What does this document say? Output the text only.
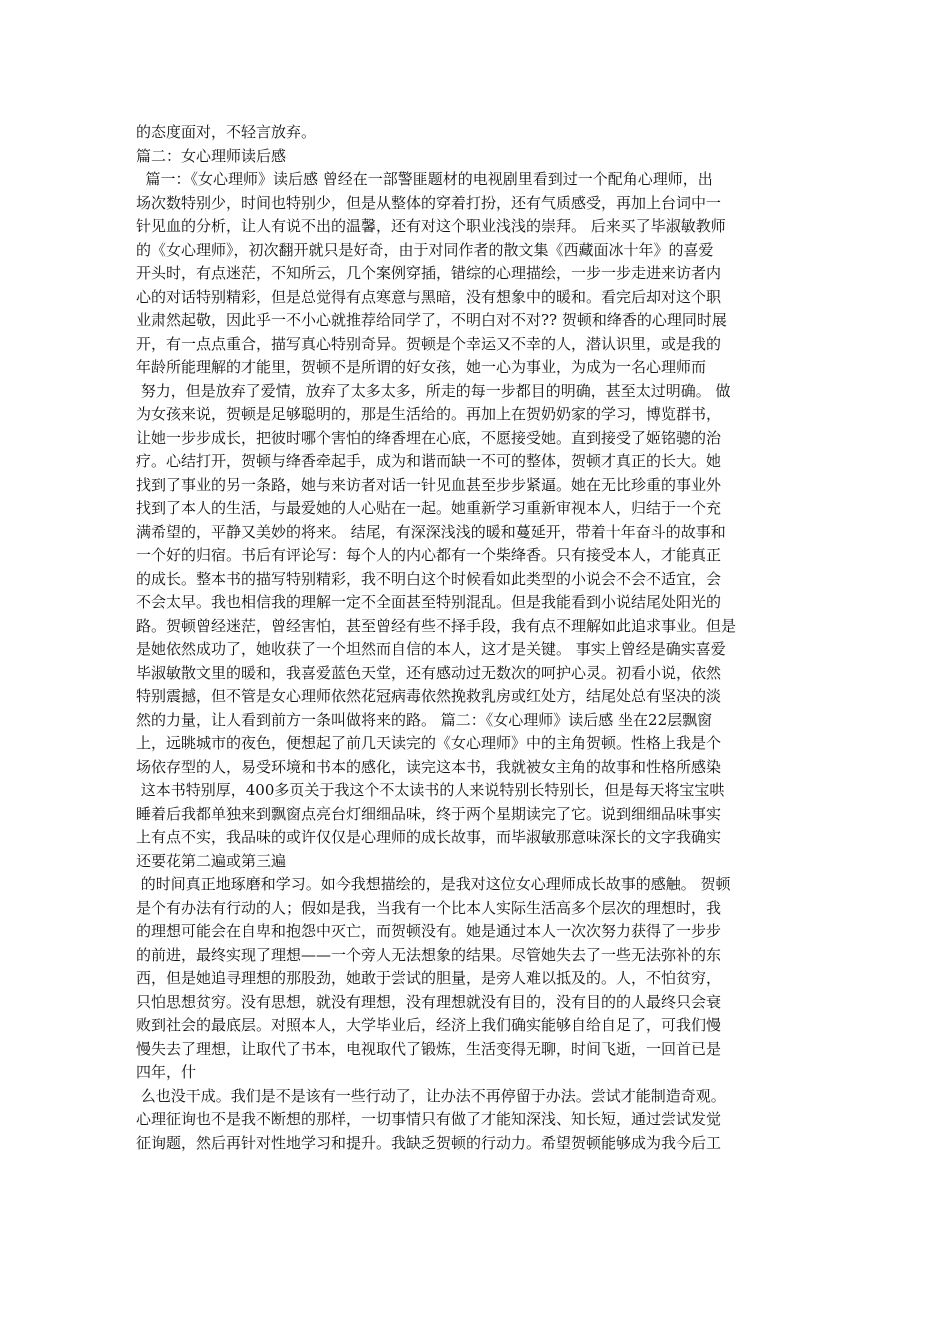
的态度面对，不轻言放弃。
篇二：女心理师读后感
篇一：《女心理师》读后感 曾经在一部警匪题材的电视剧里看到过一个配角心理师，出
场次数特别少，时间也特别少，但是从整体的穿着打扮，还有气质感受，再加上台词中一
针见血的分析，让人有说不出的温馨，还有对这个职业浅浅的崇拜。 后来买了毕淑敏教师
的《女心理师》，初次翻开就只是好奇，由于对同作者的散文集《西藏面冰十年》的喜爱
开头时，有点迷茫，不知所云，几个案例穿插，错综的心理描绘，一步一步走进来访者内
心的对话特别精彩，但是总觉得有点寒意与黑暗，没有想象中的暖和。看完后却对这个职
业肃然起敬，因此乎一不小心就推荐给同学了，不明白对不对?? 贺顿和绛香的心理同时展
开，有一点点重合，描写真心特别奇异。贺顿是个幸运又不幸的人，潜认识里，或是我的
年龄所能理解的才能里，贺顿不是所谓的好女孩，她一心为事业，为成为一名心理师而
努力，但是放弃了爱情，放弃了太多太多，所走的每一步都目的明确，甚至太过明确。 做
为女孩来说，贺顿是足够聪明的，那是生活给的。再加上在贺奶奶家的学习，博览群书，
让她一步步成长，把彼时哪个害怕的绛香埋在心底，不愿接受她。直到接受了姬铭骢的治
疗。心结打开，贺顿与绛香牵起手，成为和谐而缺一不可的整体，贺顿才真正的长大。她
找到了事业的另一条路，她与来访者对话一针见血甚至步步紧逼。她在无比珍重的事业外
找到了本人的生活，与最爱她的人心贴在一起。她重新学习重新审视本人，归结于一个充
满希望的，平静又美妙的将来。 结尾，有深深浅浅的暖和蔓延开，带着十年奋斗的故事和
一个好的归宿。书后有评论写：每个人的内心都有一个柴绛香。只有接受本人，才能真正
的成长。整本书的描写特别精彩，我不明白这个时候看如此类型的小说会不会不适宜，会
不会太早。我也相信我的理解一定不全面甚至特别混乱。但是我能看到小说结尾处阳光的
路。贺顿曾经迷茫，曾经害怕，甚至曾经有些不择手段，我有点不理解如此追求事业。但是
是她依然成功了，她收获了一个坦然而自信的本人，这才是关键。 事实上曾经是确实喜爱
毕淑敏散文里的暖和，我喜爱蓝色天堂，还有感动过无数次的呵护心灵。初看小说，依然
特别震撼，但不管是女心理师依然花冠病毒依然挽救乳房或红处方，结尾处总有坚决的淡
然的力量，让人看到前方一条叫做将来的路。 篇二：《女心理师》读后感 坐在22层飘窗
上，远眺城市的夜色，便想起了前几天读完的《女心理师》中的主角贺顿。性格上我是个
场依存型的人，易受环境和书本的感化，读完这本书，我就被女主角的故事和性格所感染
这本书特别厚，400多页关于我这个不太读书的人来说特别长特别长，但是每天将宝宝哄
睡着后我都单独来到飘窗点亮台灯细细品味，终于两个星期读完了它。说到细细品味事实
上有点不实，我品味的或许仅仅是心理师的成长故事，而毕淑敏那意味深长的文字我确实
还要花第二遍或第三遍
的时间真正地琢磨和学习。如今我想描绘的，是我对这位女心理师成长故事的感触。 贺顿
是个有办法有行动的人；假如是我，当我有一个比本人实际生活高多个层次的理想时，我
的理想可能会在自卑和抱怨中灭亡，而贺顿没有。她是通过本人一次次努力获得了一步步
的前进，最终实现了理想——一个旁人无法想象的结果。尽管她失去了一些无法弥补的东
西，但是她追寻理想的那股劲，她敢于尝试的胆量，是旁人难以抵及的。人，不怕贫穷，
只怕思想贫穷。没有思想，就没有理想，没有理想就没有目的，没有目的的人最终只会衰
败到社会的最底层。对照本人，大学毕业后，经济上我们确实能够自给自足了，可我们慢
慢失去了理想，让取代了书本，电视取代了锻炼，生活变得无聊，时间飞逝，一回首已是
四年，什
么也没干成。我们是不是该有一些行动了，让办法不再停留于办法。尝试才能制造奇观。
心理征询也不是我不断想的那样，一切事情只有做了才能知深浅、知长短，通过尝试发觉
征询题，然后再针对性地学习和提升。我缺乏贺顿的行动力。希望贺顿能够成为我今后工
